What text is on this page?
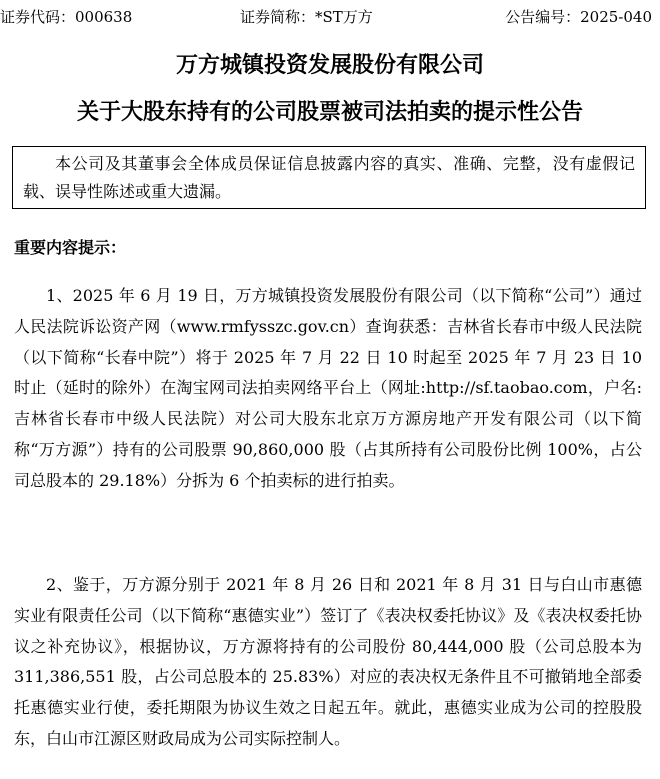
证券代码：000638	证券简称：*ST万方	公告编号：2025-040
万方城镇投资发展股份有限公司
关于大股东持有的公司股票被司法拍卖的提示性公告
本公司及其董事会全体成员保证信息披露内容的真实、准确、完整，没有虚假记载、误导性陈述或重大遗漏。
重要内容提示：

1、2025 年 6 月 19 日，万方城镇投资发展股份有限公司（以下简称“公司”）通过人民法院诉讼资产网（www.rmfysszc.gov.cn）查询获悉：吉林省长春市中级人民法院（以下简称“长春中院”）将于 2025 年 7 月 22 日 10 时起至 2025 年 7 月 23 日 10 时止（延时的除外）在淘宝网司法拍卖网络平台上（网址:http://sf.taobao.com，户名:吉林省长春市中级人民法院）对公司大股东北京万方源房地产开发有限公司（以下简称“万方源”）持有的公司股票 90,860,000 股（占其所持有公司股份比例 100%，占公司总股本的 29.18%）分拆为 6 个拍卖标的进行拍卖。

2、鉴于，万方源分别于 2021 年 8 月 26 日和 2021 年 8 月 31 日与白山市惠德实业有限责任公司（以下简称“惠德实业”）签订了《表决权委托协议》及《表决权委托协议之补充协议》，根据协议，万方源将持有的公司股份 80,444,000 股（公司总股本为 311,386,551 股，占公司总股本的 25.83%）对应的表决权无条件且不可撤销地全部委托惠德实业行使，委托期限为协议生效之日起五年。就此，惠德实业成为公司的控股股东，白山市江源区财政局成为公司实际控制人。
